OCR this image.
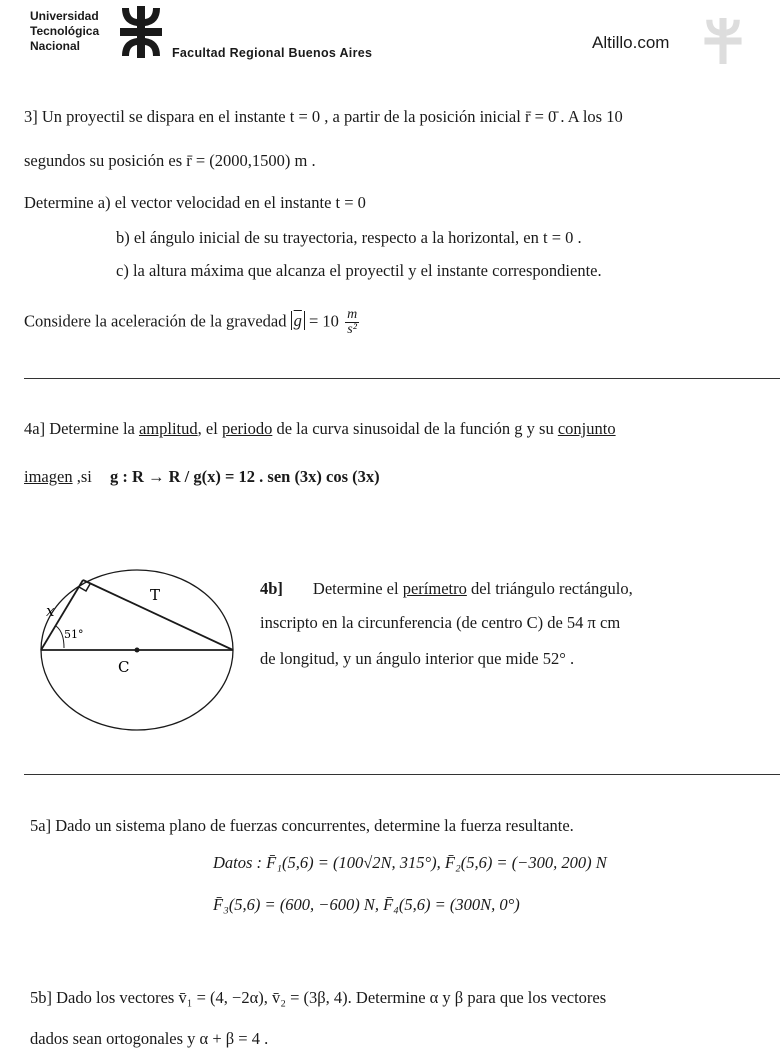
Universidad
Tecnológica
Nacional	Facultad Regional Buenos Aires
Altillo.com
3] Un proyectil se dispara en el instante t = 0 , a partir de la posición inicial r̄ = 0̄ . A los 10
segundos su posición es r̄ = (2000,1500) m .
Determine a) el vector velocidad en el instante t = 0
b) el ángulo inicial de su trayectoria, respecto a la horizontal, en t = 0 .
c) la altura máxima que alcanza el proyectil y el instante correspondiente.
Considere la aceleración de la gravedad $\overline{g} = 10 \frac{m}{\text{s²}}$
4a] Determine la amplitud, el periodo de la curva sinusoidal de la función g y su conjunto
imagen ,si g : R → R / g(x) = 12 . sen (3x) cos (3x)
x
T
51°
C
4b] Determine el perímetro del triángulo rectángulo,
inscripto en la circunferencia (de centro C) de 54 π cm
de longitud, y un ángulo interior que mide 52° .
5a] Dado un sistema plano de fuerzas concurrentes, determine la fuerza resultante.
Datos : F̄₁(5,6) = (100√2N, 315°), F̄₂(5,6) = (−300, 200) N
F̄₃(5,6) = (600, −600) N, F̄₄(5,6) = (300N, 0°)
5b] Dado los vectores v̄₁ = (4, −2α), v̄₂ = (3β, 4). Determine α y β para que los vectores
dados sean ortogonales y α + β = 4 .
